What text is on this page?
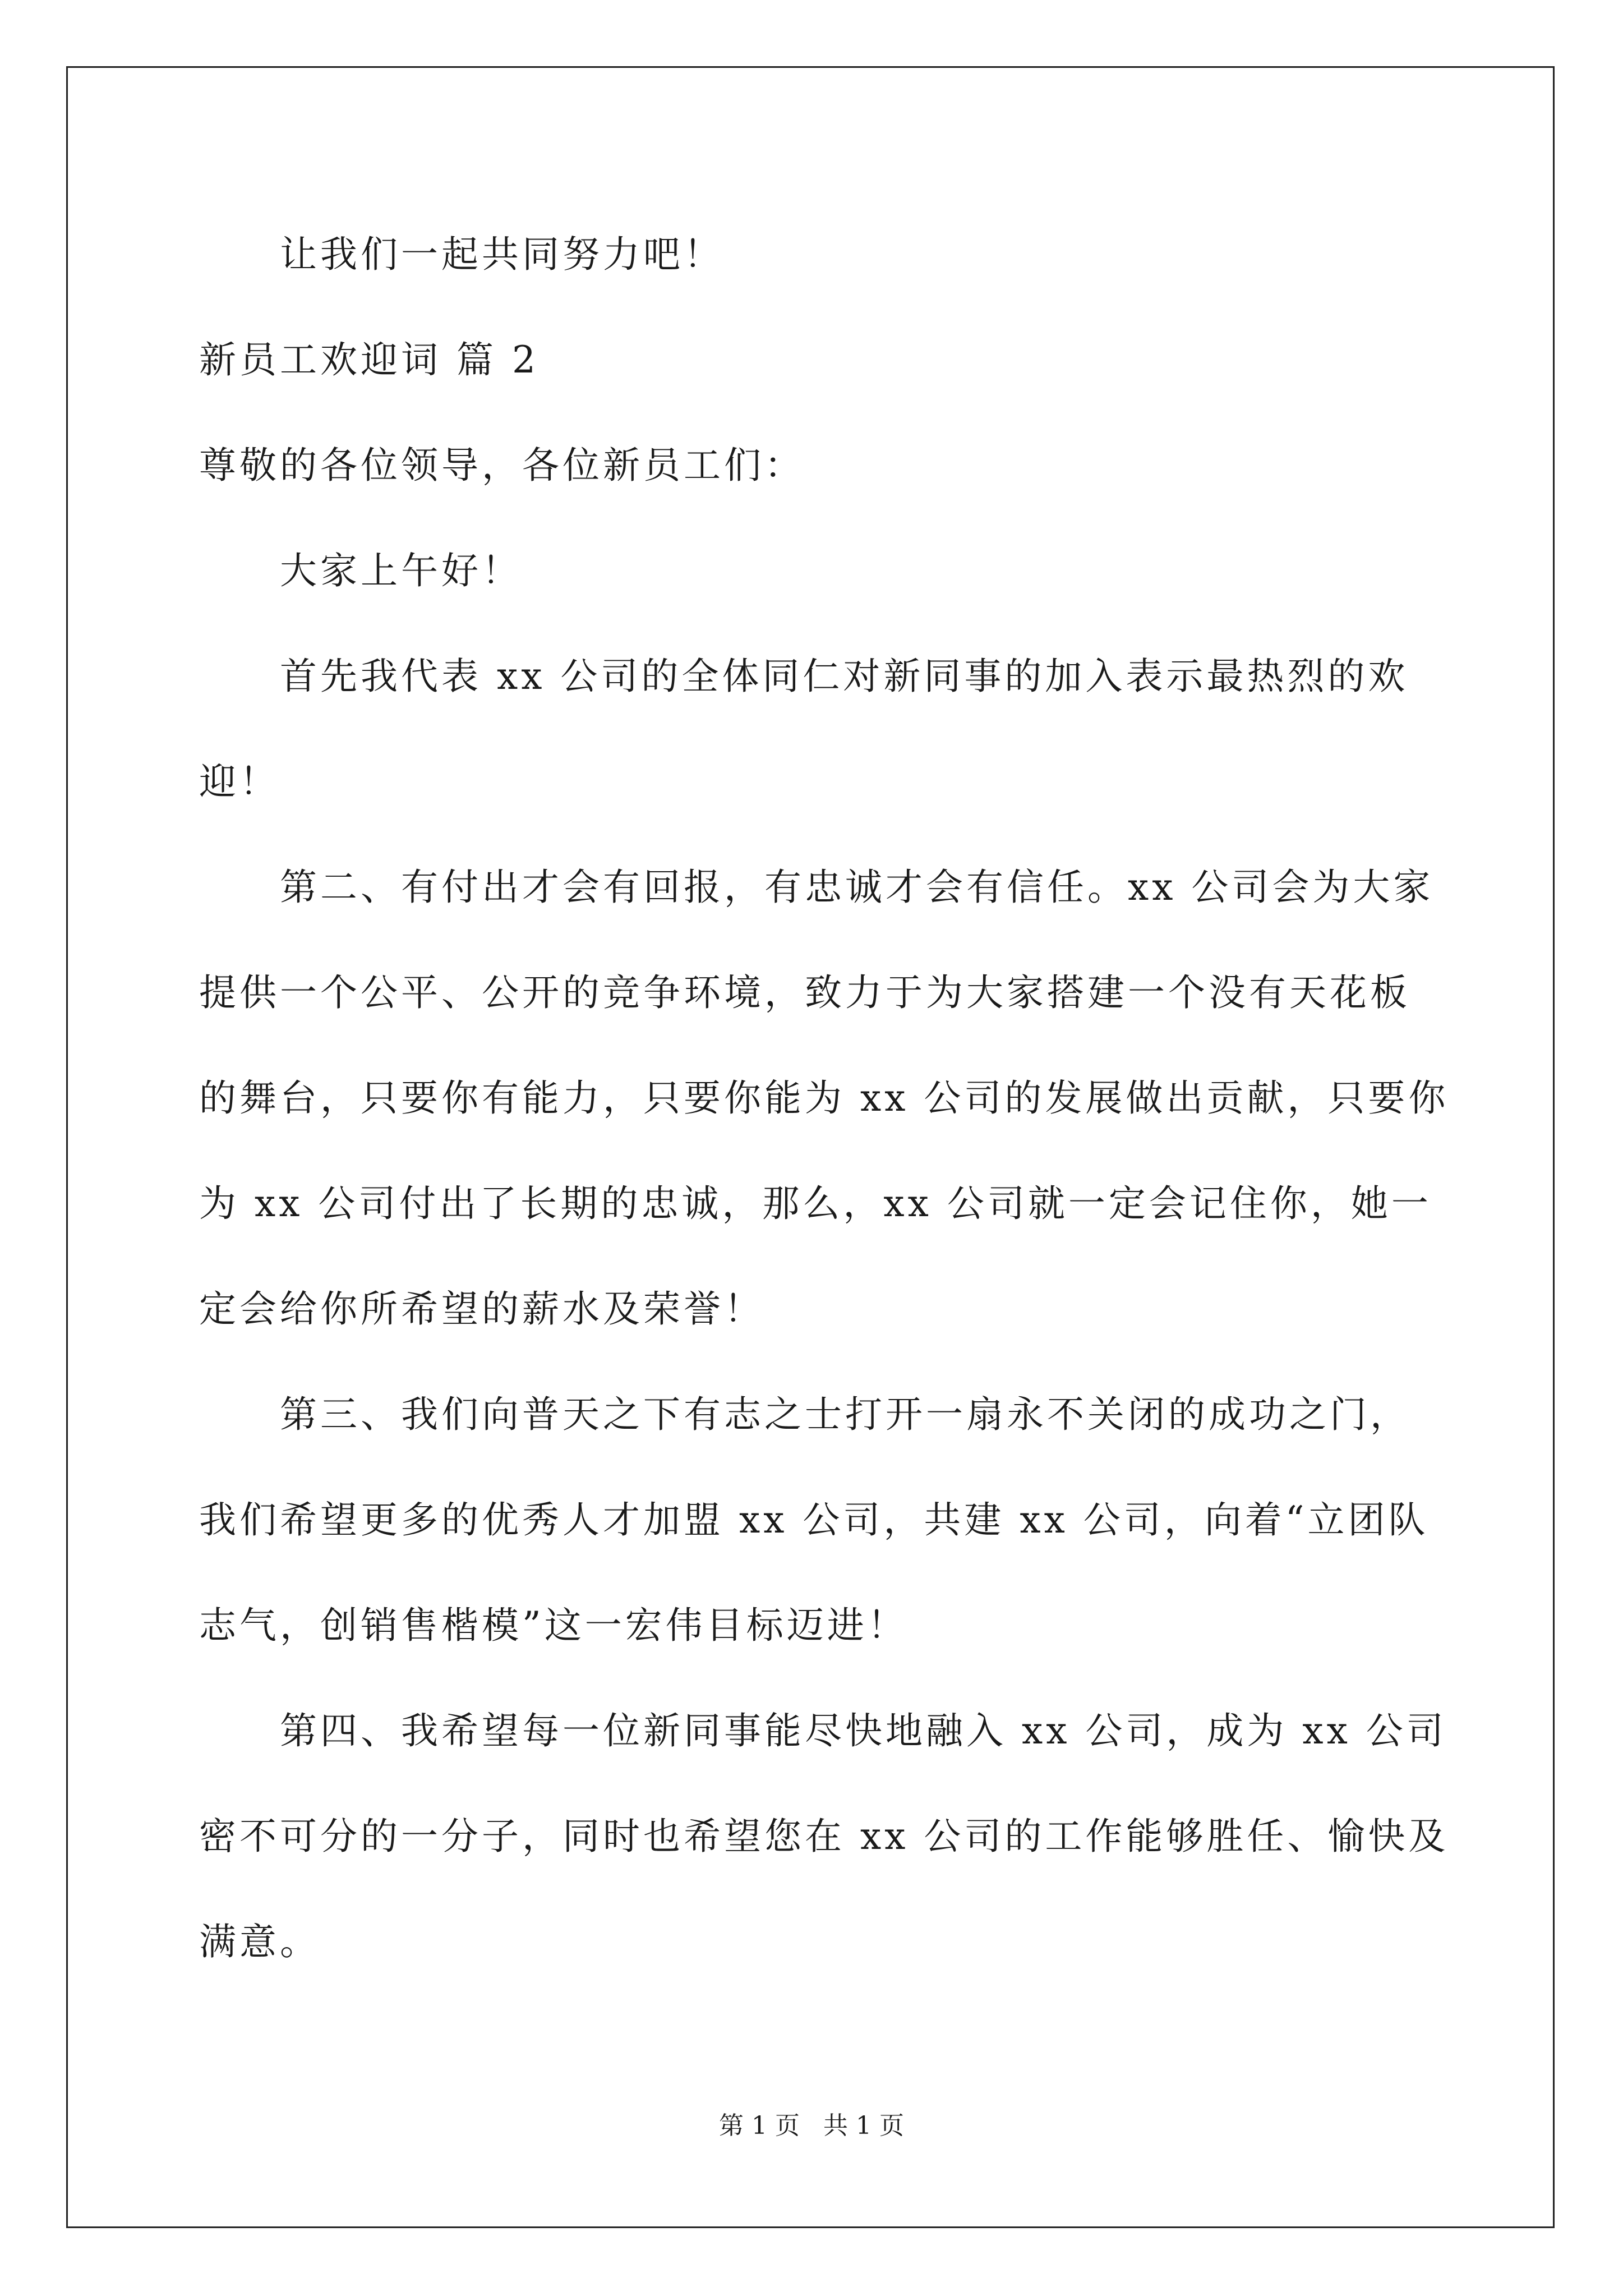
让我们一起共同努力吧！
新员工欢迎词 篇 2
尊敬的各位领导，各位新员工们：
大家上午好！
首先我代表 xx 公司的全体同仁对新同事的加入表示最热烈的欢
迎！
第二、有付出才会有回报，有忠诚才会有信任。xx 公司会为大家
提供一个公平、公开的竞争环境，致力于为大家搭建一个没有天花板
的舞台，只要你有能力，只要你能为 xx 公司的发展做出贡献，只要你
为 xx 公司付出了长期的忠诚，那么，xx 公司就一定会记住你，她一
定会给你所希望的薪水及荣誉！
第三、我们向普天之下有志之士打开一扇永不关闭的成功之门，
我们希望更多的优秀人才加盟 xx 公司，共建 xx 公司，向着“立团队
志气，创销售楷模”这一宏伟目标迈进！
第四、我希望每一位新同事能尽快地融入 xx 公司，成为 xx 公司
密不可分的一分子，同时也希望您在 xx 公司的工作能够胜任、愉快及
满意。
第 1 页   共 1 页
